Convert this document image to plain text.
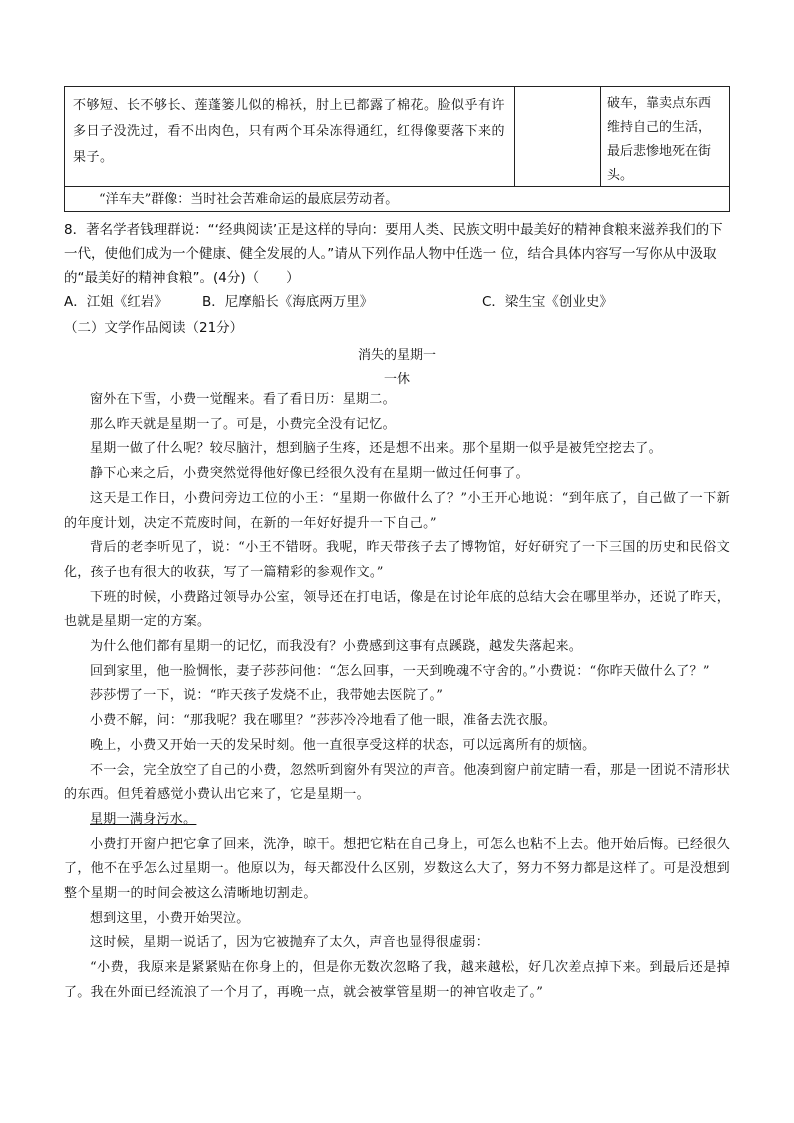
不够短、长不够长、莲蓬篓儿似的棉袄，肘上已都露了棉花。脸似乎有许多日子没洗过，看不出肉色，只有两个耳朵冻得通红，红得像要落下来的果子。
破车，靠卖点东西维持自己的生活，最后悲惨地死在街头。
“洋车夫”群像：当时社会苦难命运的最底层劳动者。
8．著名学者钱理群说：“‘经典阅读’正是这样的导向：要用人类、民族文明中最美好的精神食粮来滋养我们的下一代，使他们成为一个健康、健全发展的人。”请从下列作品人物中任选一 位，结合具体内容写一写你从中汲取的“最美好的精神食粮”。(4分)（　　）
A．江姐《红岩》	B．尼摩船长《海底两万里》	C．梁生宝《创业史》
（二）文学作品阅读（21分）
消失的星期一
一休

窗外在下雪，小费一觉醒来。看了看日历：星期二。

那么昨天就是星期一了。可是，小费完全没有记忆。

星期一做了什么呢？较尽脑汁，想到脑子生疼，还是想不出来。那个星期一似乎是被凭空挖去了。

静下心来之后，小费突然觉得他好像已经很久没有在星期一做过任何事了。

这天是工作日，小费问旁边工位的小王：“星期一你做什么了？”小王开心地说：“到年底了，自己做了一下新的年度计划，决定不荒废时间，在新的一年好好提升一下自己。”

背后的老李听见了，说：“小王不错呀。我呢，昨天带孩子去了博物馆，好好研究了一下三国的历史和民俗文化，孩子也有很大的收获，写了一篇精彩的参观作文。”

下班的时候，小费路过领导办公室，领导还在打电话，像是在讨论年底的总结大会在哪里举办，还说了昨天，也就是星期一定的方案。

为什么他们都有星期一的记忆，而我没有？小费感到这事有点蹊跷，越发失落起来。

回到家里，他一脸惆怅，妻子莎莎问他：“怎么回事，一天到晚魂不守舍的。”小费说：“你昨天做什么了？”

莎莎愣了一下，说：“昨天孩子发烧不止，我带她去医院了。”

小费不解，问：“那我呢？我在哪里？”莎莎冷冷地看了他一眼，准备去洗衣服。

晚上，小费又开始一天的发呆时刻。他一直很享受这样的状态，可以远离所有的烦恼。

不一会，完全放空了自己的小费，忽然听到窗外有哭泣的声音。他凑到窗户前定睛一看，那是一团说不清形状的东西。但凭着感觉小费认出它来了，它是星期一。

星期一满身污水。

小费打开窗户把它拿了回来，洗净，晾干。想把它粘在自己身上，可怎么也粘不上去。他开始后悔。已经很久了，他不在乎怎么过星期一。他原以为，每天都没什么区别，岁数这么大了，努力不努力都是这样了。可是没想到整个星期一的时间会被这么清晰地切割走。

想到这里，小费开始哭泣。

这时候，星期一说话了，因为它被抛弃了太久，声音也显得很虚弱：

“小费，我原来是紧紧贴在你身上的，但是你无数次忽略了我，越来越松，好几次差点掉下来。到最后还是掉了。我在外面已经流浪了一个月了，再晚一点，就会被掌管星期一的神官收走了。”
